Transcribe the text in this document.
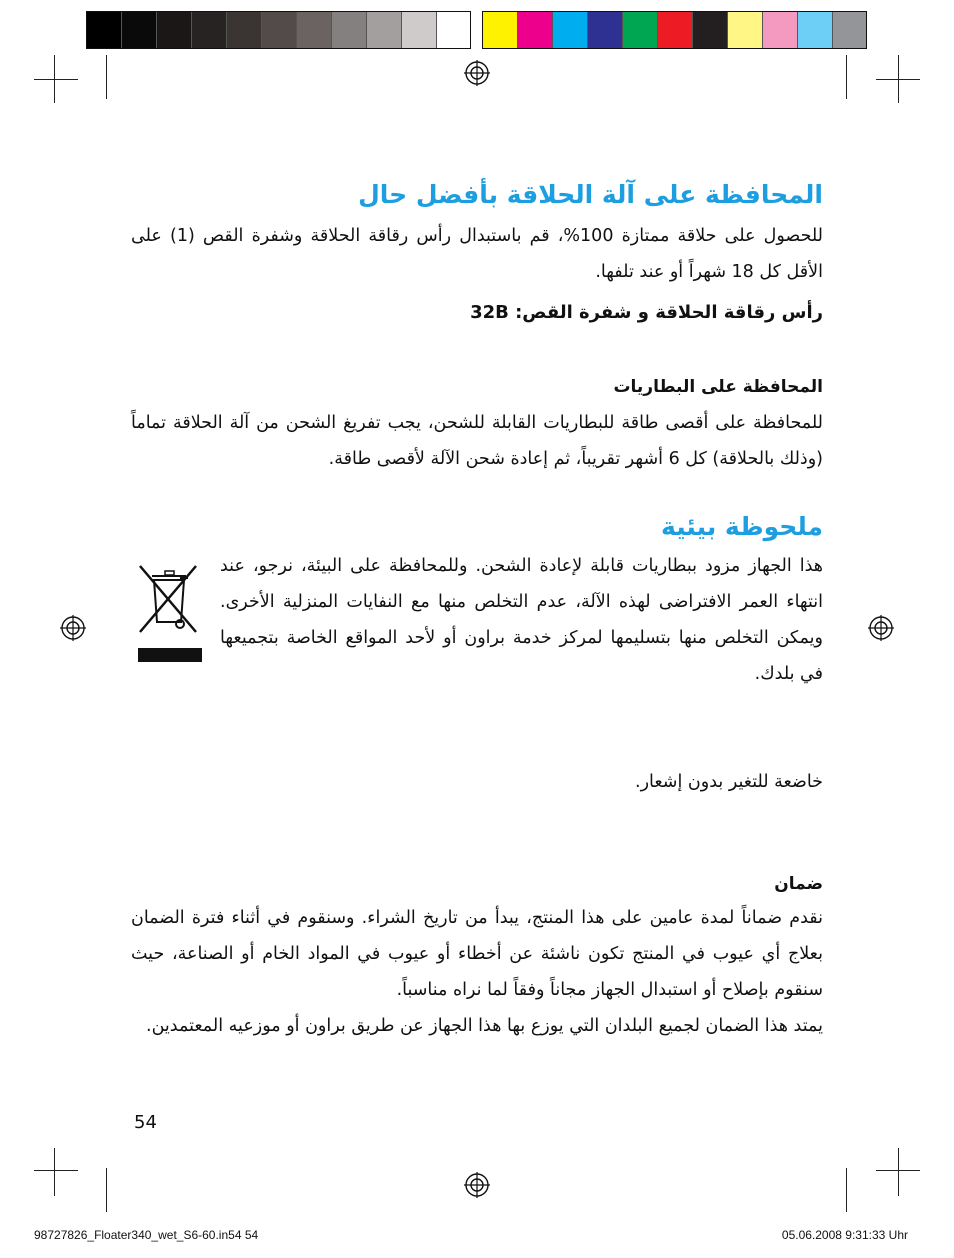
المحافظة على آلة الحلاقة بأفضل حال
للحصول على حلاقة ممتازة 100%، قم باستبدال رأس رقاقة الحلاقة وشفرة القص (1) على الأقل كل 18 شهراً أو عند تلفها.
رأس رقاقة الحلاقة و شفرة القص: 32B
المحافظة على البطاريات
للمحافظة على أقصى طاقة للبطاريات القابلة للشحن، يجب تفريغ الشحن من آلة الحلاقة تماماً (وذلك بالحلاقة) كل 6 أشهر تقريباً، ثم إعادة شحن الآلة لأقصى طاقة.
ملحوظة بيئية
هذا الجهاز مزود ببطاريات قابلة لإعادة الشحن. وللمحافظة على البيئة، نرجو، عند انتهاء العمر الافتراضى لهذه الآلة، عدم التخلص منها مع النفايات المنزلية الأخرى. ويمكن التخلص منها بتسليمها لمركز خدمة براون أو لأحد المواقع الخاصة بتجميعها في بلدك.
خاضعة للتغير بدون إشعار.
ضمان
نقدم ضماناً لمدة عامين على هذا المنتج، يبدأ من تاريخ الشراء. وسنقوم في أثناء فترة الضمان بعلاج أي عيوب في المنتج تكون ناشئة عن أخطاء أو عيوب في المواد الخام أو الصناعة، حيث سنقوم بإصلاح أو استبدال الجهاز مجاناً وفقاً لما نراه مناسباً.
يمتد هذا الضمان لجميع البلدان التي يوزع بها هذا الجهاز عن طريق براون أو موزعيه المعتمدين.
54
98727826_Floater340_wet_S6-60.in54 54	05.06.2008 9:31:33 Uhr
